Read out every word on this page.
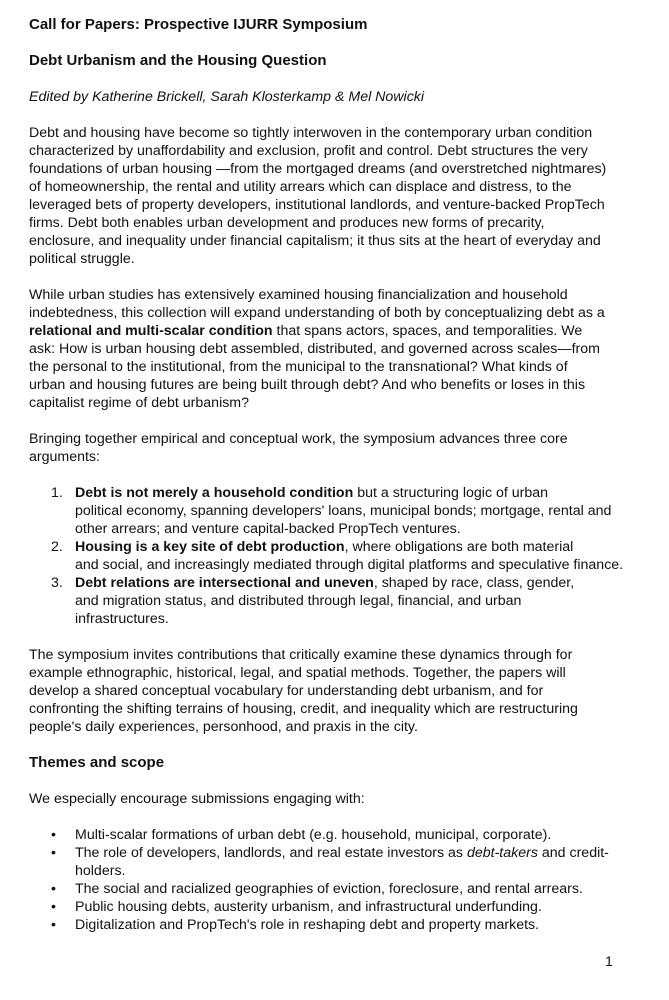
Call for Papers: Prospective IJURR Symposium
Debt Urbanism and the Housing Question
Edited by Katherine Brickell, Sarah Klosterkamp & Mel Nowicki
Debt and housing have become so tightly interwoven in the contemporary urban condition
characterized by unaffordability and exclusion, profit and control. Debt structures the very
foundations of urban housing —from the mortgaged dreams (and overstretched nightmares)
of homeownership, the rental and utility arrears which can displace and distress, to the
leveraged bets of property developers, institutional landlords, and venture-backed PropTech
firms. Debt both enables urban development and produces new forms of precarity,
enclosure, and inequality under financial capitalism; it thus sits at the heart of everyday and
political struggle.
While urban studies has extensively examined housing financialization and household
indebtedness, this collection will expand understanding of both by conceptualizing debt as a
relational and multi-scalar condition that spans actors, spaces, and temporalities. We
ask: How is urban housing debt assembled, distributed, and governed across scales—from
the personal to the institutional, from the municipal to the transnational? What kinds of
urban and housing futures are being built through debt? And who benefits or loses in this
capitalist regime of debt urbanism?
Bringing together empirical and conceptual work, the symposium advances three core
arguments:
1. Debt is not merely a household condition but a structuring logic of urban
political economy, spanning developers' loans, municipal bonds; mortgage, rental and
other arrears; and venture capital-backed PropTech ventures.
2. Housing is a key site of debt production, where obligations are both material
and social, and increasingly mediated through digital platforms and speculative finance.
3. Debt relations are intersectional and uneven, shaped by race, class, gender,
and migration status, and distributed through legal, financial, and urban
infrastructures.
The symposium invites contributions that critically examine these dynamics through for
example ethnographic, historical, legal, and spatial methods. Together, the papers will
develop a shared conceptual vocabulary for understanding debt urbanism, and for
confronting the shifting terrains of housing, credit, and inequality which are restructuring
people's daily experiences, personhood, and praxis in the city.
Themes and scope
We especially encourage submissions engaging with:
• Multi-scalar formations of urban debt (e.g. household, municipal, corporate).
• The role of developers, landlords, and real estate investors as debt-takers and credit-
holders.
• The social and racialized geographies of eviction, foreclosure, and rental arrears.
• Public housing debts, austerity urbanism, and infrastructural underfunding.
• Digitalization and PropTech's role in reshaping debt and property markets.
1
